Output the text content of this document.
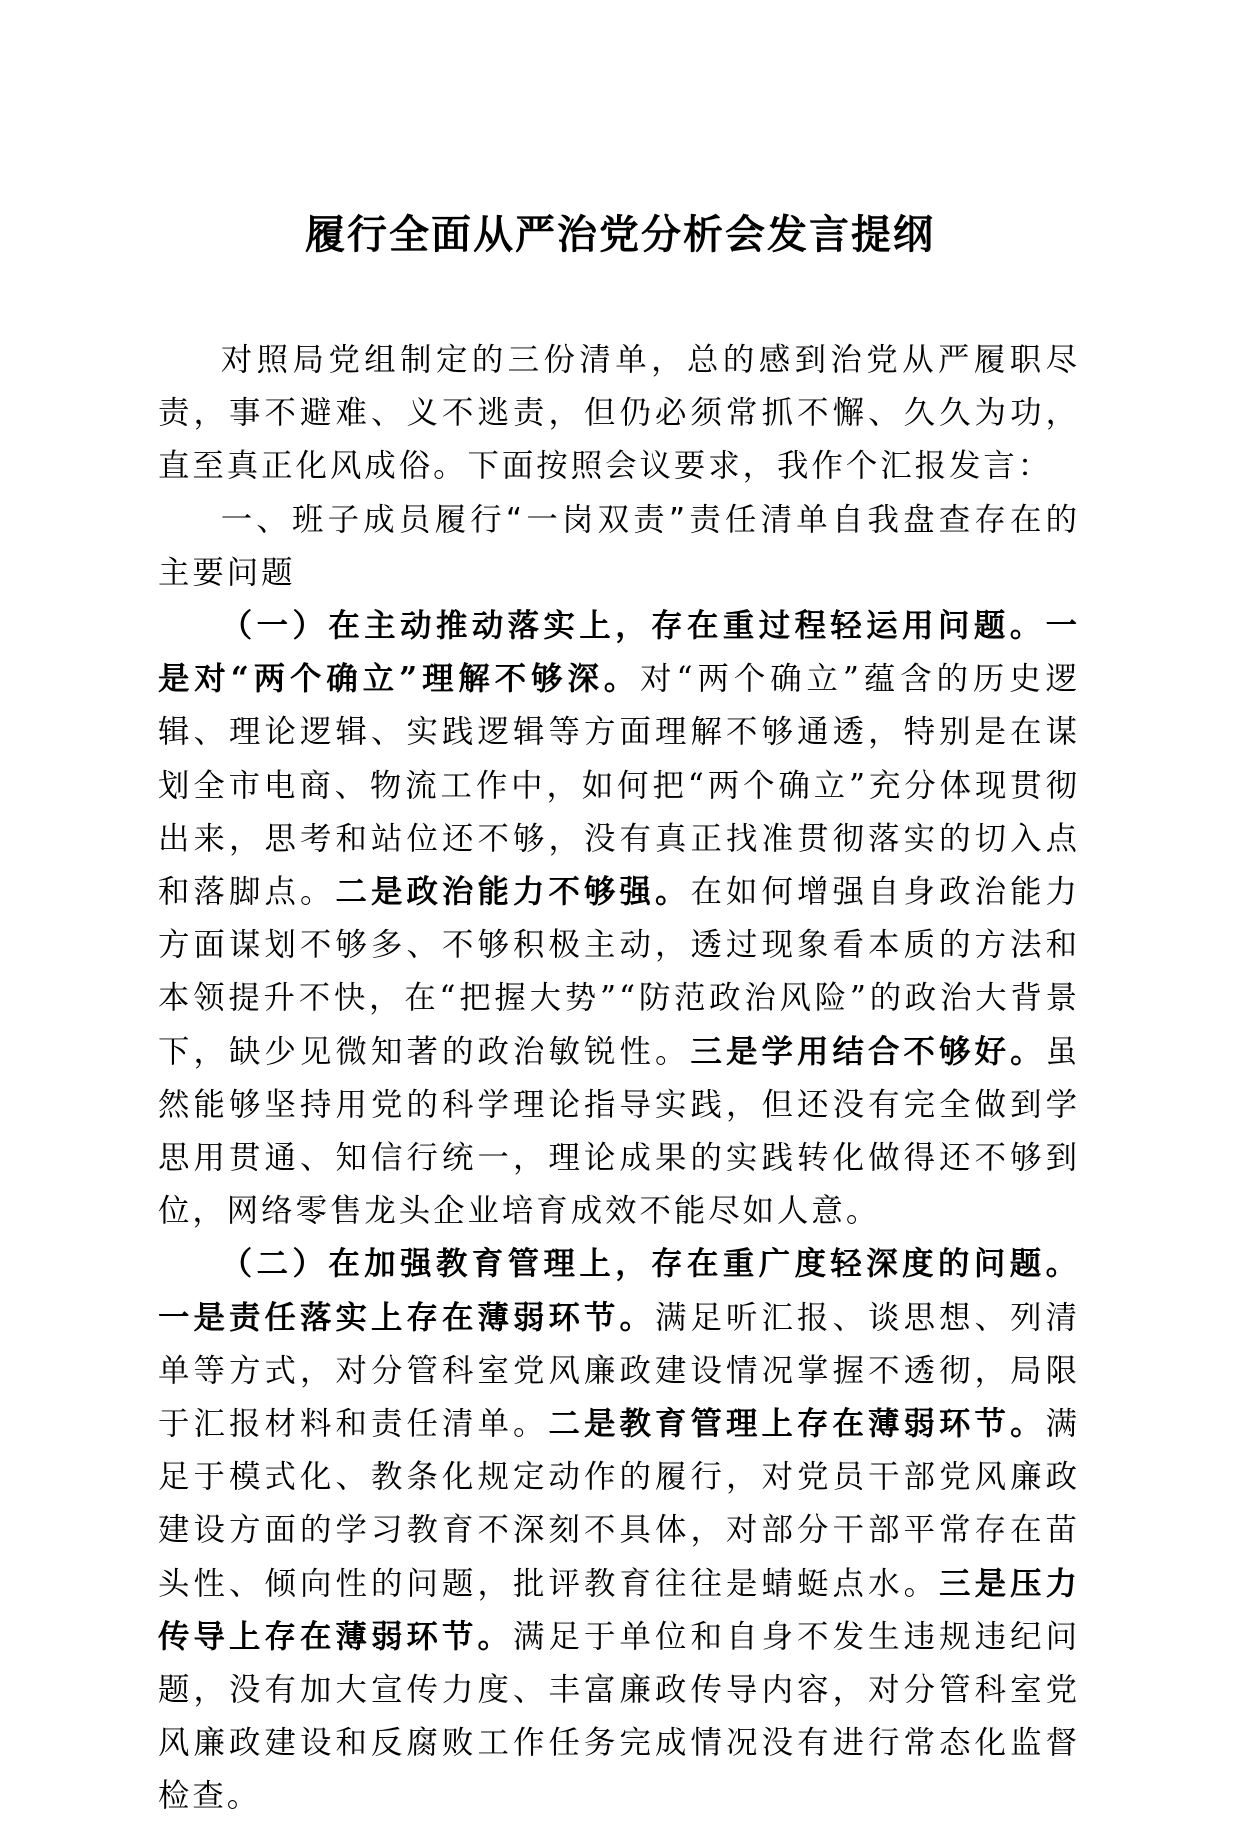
履行全面从严治党分析会发言提纲

对照局党组制定的三份清单，总的感到治党从严履职尽责，事不避难、义不逃责，但仍必须常抓不懈、久久为功，直至真正化风成俗。下面按照会议要求，我作个汇报发言：

一、班子成员履行“一岗双责”责任清单自我盘查存在的主要问题

（一）在主动推动落实上，存在重过程轻运用问题。一是对“两个确立”理解不够深。对“两个确立”蕴含的历史逻辑、理论逻辑、实践逻辑等方面理解不够通透，特别是在谋划全市电商、物流工作中，如何把“两个确立”充分体现贯彻出来，思考和站位还不够，没有真正找准贯彻落实的切入点和落脚点。二是政治能力不够强。在如何增强自身政治能力方面谋划不够多、不够积极主动，透过现象看本质的方法和本领提升不快，在“把握大势”“防范政治风险”的政治大背景下，缺少见微知著的政治敏锐性。三是学用结合不够好。虽然能够坚持用党的科学理论指导实践，但还没有完全做到学思用贯通、知信行统一，理论成果的实践转化做得还不够到位，网络零售龙头企业培育成效不能尽如人意。

（二）在加强教育管理上，存在重广度轻深度的问题。一是责任落实上存在薄弱环节。满足听汇报、谈思想、列清单等方式，对分管科室党风廉政建设情况掌握不透彻，局限于汇报材料和责任清单。二是教育管理上存在薄弱环节。满足于模式化、教条化规定动作的履行，对党员干部党风廉政建设方面的学习教育不深刻不具体，对部分干部平常存在苗头性、倾向性的问题，批评教育往往是蜻蜓点水。三是压力传导上存在薄弱环节。满足于单位和自身不发生违规违纪问题，没有加大宣传力度、丰富廉政传导内容，对分管科室党风廉政建设和反腐败工作任务完成情况没有进行常态化监督检查。
